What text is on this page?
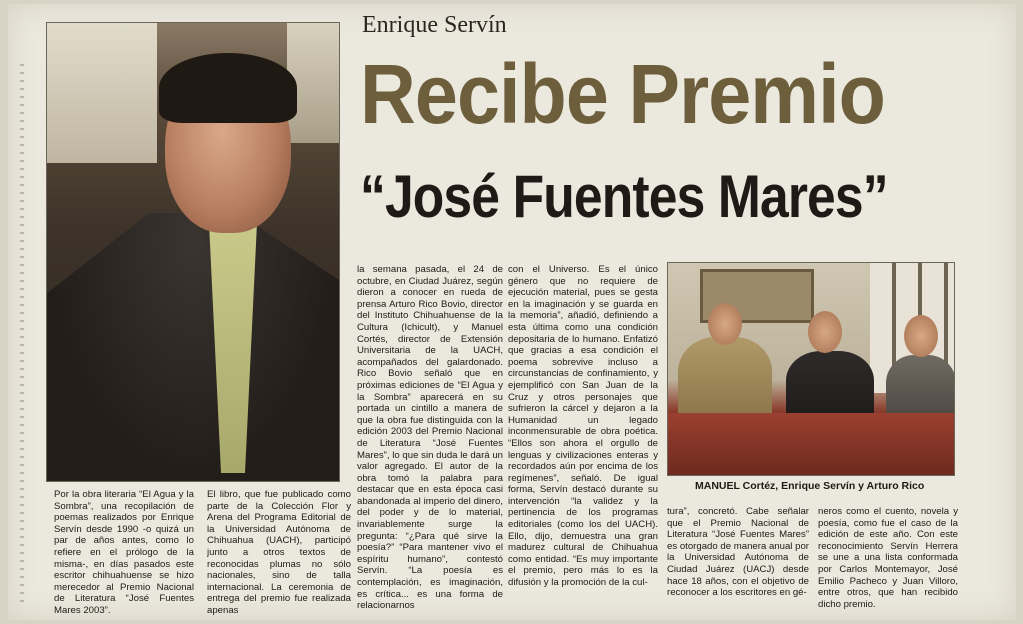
Enrique Servín
Recibe Premio
“José Fuentes Mares”
MANUEL Cortéz, Enrique Servín y Arturo Rico

Por la obra literaria “El Agua y la Sombra”, una recopilación de poemas realizados por Enrique Servín desde 1990 -o quizá un par de años antes, como lo refiere en el prólogo de la misma-, en días pasados este escritor chihuahuense se hizo merecedor al Premio Nacional de Literatura “José Fuentes Mares 2003”.

El libro, que fue publicado como parte de la Colección Flor y Arena del Programa Editorial de la Universidad Autónoma de Chihuahua (UACH), participó junto a otros textos de reconocidas plumas no sólo nacionales, sino de talla internacional. La ceremonia de entrega del premio fue realizada apenas

la semana pasada, el 24 de octubre, en Ciudad Juárez, según dieron a conocer en rueda de prensa Arturo Rico Bovio, director del Instituto Chihuahuense de la Cultura (Ichicult), y Manuel Cortés, director de Extensión Universitaria de la UACH, acompañados del galardonado. Rico Bovio señaló que en próximas ediciones de “El Agua y la Sombra” aparecerá en su portada un cintillo a manera de que la obra fue distinguida con la edición 2003 del Premio Nacional de Literatura “José Fuentes Mares”, lo que sin duda le dará un valor agregado. El autor de la obra tomó la palabra para destacar que en esta época casi abandonada al imperio del dinero, del poder y de lo material, invariablemente surge la pregunta: “¿Para qué sirve la poesía?” “Para mantener vivo el espíritu humano”, contestó Servín. “La poesía es contemplación, es imaginación, es crítica... es una forma de relacionarnos

con el Universo. Es el único género que no requiere de ejecución material, pues se gesta en la imaginación y se guarda en la memoria”, añadió, definiendo a esta última como una condición depositaria de lo humano. Enfatizó que gracias a esa condición el poema sobrevive incluso a circunstancias de confinamiento, y ejemplificó con San Juan de la Cruz y otros personajes que sufrieron la cárcel y dejaron a la Humanidad un legado inconmensurable de obra poética. “Ellos son ahora el orgullo de lenguas y civilizaciones enteras y recordados aún por encima de los regímenes”, señaló. De igual forma, Servín destacó durante su intervención “la validez y la pertinencia de los programas editoriales (como los del UACH). Ello, dijo, demuestra una gran madurez cultural de Chihuahua como entidad. “Es muy importante el premio, pero más lo es la difusión y la promoción de la cul-

tura”, concretó. Cabe señalar que el Premio Nacional de Literatura “José Fuentes Mares” es otorgado de manera anual por la Universidad Autónoma de Ciudad Juárez (UACJ) desde hace 18 años, con el objetivo de reconocer a los escritores en gé-

neros como el cuento, novela y poesía, como fue el caso de la edición de este año. Con este reconocimiento Servín Herrera se une a una lista conformada por Carlos Montemayor, José Emilio Pacheco y Juan Villoro, entre otros, que han recibido dicho premio.
